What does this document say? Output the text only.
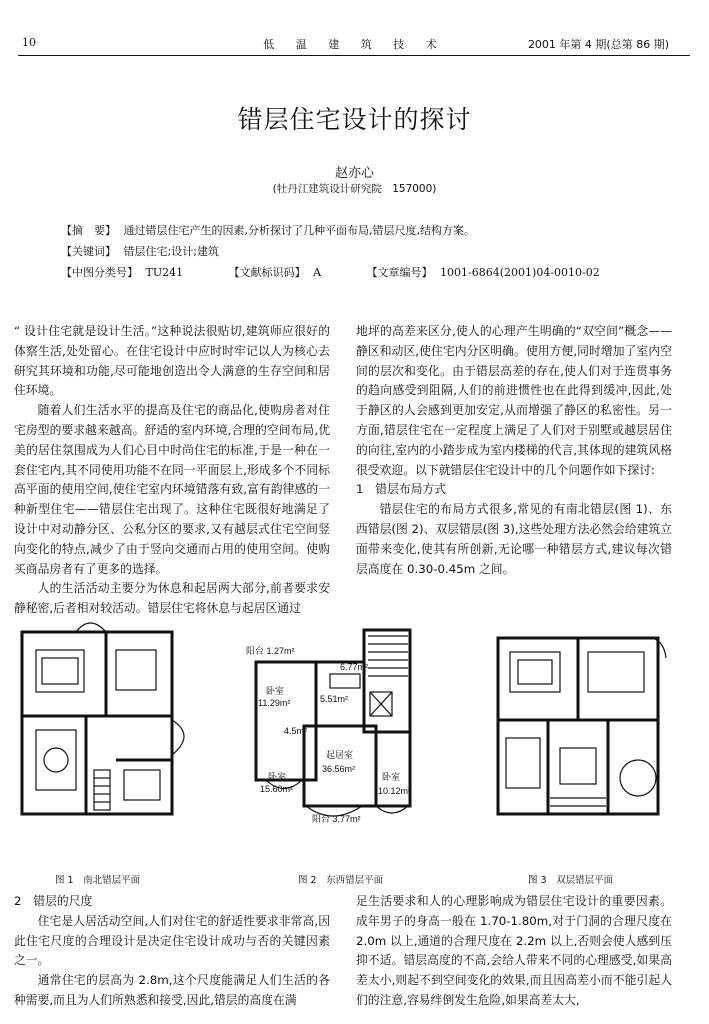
10	低 温 建 筑 技 术	2001 年第 4 期(总第 86 期)
错层住宅设计的探讨
赵亦心
(牡丹江建筑设计研究院　157000)
【摘　要】 通过错层住宅产生的因素,分析探讨了几种平面布局,错层尺度,结构方案。
【关键词】 错层住宅;设计;建筑
【中图分类号】 TU241	【文献标识码】 A	【文章编号】 1001-6864(2001)04-0010-02

“ 设计住宅就是设计生活。”这种说法很贴切,建筑师应很好的体察生活,处处留心。在住宅设计中应时时牢记以人为核心去研究其环境和功能,尽可能地创造出令人满意的生存空间和居住环境。

随着人们生活水平的提高及住宅的商品化,使购房者对住宅房型的要求越来越高。舒适的室内环境,合理的空间布局,优美的居住氛围成为人们心目中时尚住宅的标准,于是一种在一套住宅内,其不同使用功能不在同一平面层上,形成多个不同标高平面的使用空间,使住宅室内环境错落有致,富有韵律感的一种新型住宅——错层住宅出现了。这种住宅既很好地满足了设计中对动静分区、公私分区的要求,又有越层式住宅空间竖向变化的特点,减少了由于竖向交通而占用的使用空间。使购买商品房者有了更多的选择。

人的生活活动主要分为休息和起居两大部分,前者要求安静秘密,后者相对较活动。错层住宅将休息与起居区通过

地坪的高差来区分,使人的心理产生明确的“双空间”概念——静区和动区,使住宅内分区明确。使用方便,同时增加了室内空间的层次和变化。由于错层高差的存在,使人们对于连贯事务的趋向感受到阻隔,人们的前进惯性也在此得到缓冲,因此,处于静区的人会感到更加安定,从而增强了静区的私密性。另一方面,错层住宅在一定程度上满足了人们对于别墅或越层居住的向往,室内的小踏步成为室内楼梯的代言,其体现的建筑风格很受欢迎。以下就错层住宅设计中的几个问题作如下探讨:

1　错层布局方式

错层住宅的布局方式很多,常见的有南北错层(图 1)、东西错层(图 2)、双层错层(图 3),这些处理方法必然会给建筑立面带来变化,使其有所创新,无论哪一种错层方式,建议每次错层高度在 0.30-0.45m 之间。

图 1　南北错层平面
阳台 1.27m²
6.77m²
卧室
11.29m²	5.51m²
4.5m²
起居室
36.56m²
卧室
15.60m²
卧室
10.12m²
阳台 3.77m²
图 2　东西错层平面	图 3　双层错层平面

2　错层的尺度

住宅是人居活动空间,人们对住宅的舒适性要求非常高,因此住宅尺度的合理设计是决定住宅设计成功与否的关键因素之一。

通常住宅的层高为 2.8m,这个尺度能满足人们生活的各种需要,而且为人们所熟悉和接受,因此,错层的高度在满

足生活要求和人的心理影响成为错层住宅设计的重要因素。成年男子的身高一般在 1.70-1.80m,对于门洞的合理尺度在 2.0m 以上,通道的合理尺度在 2.2m 以上,否则会使人感到压抑不适。错层高度的不高,会给人带来不同的心理感受,如果高差太小,则起不到空间变化的效果,而且因高差小而不能引起人们的注意,容易绊倒发生危险,如果高差太大,
